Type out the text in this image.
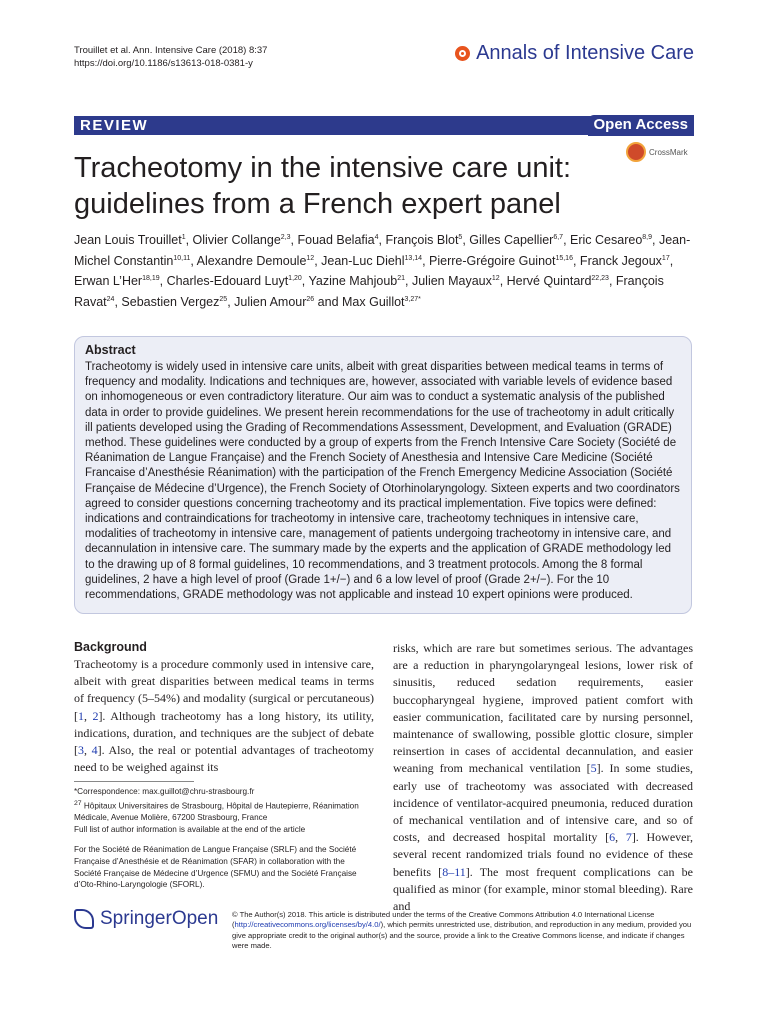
Trouillet et al. Ann. Intensive Care (2018) 8:37
https://doi.org/10.1186/s13613-018-0381-y	Annals of Intensive Care
REVIEW	Open Access
CrossMark
Tracheotomy in the intensive care unit: guidelines from a French expert panel
Jean Louis Trouillet$^1$, Olivier Collange$^{2,3}$, Fouad Belafia$^4$, François Blot$^5$, Gilles Capellier$^{6,7}$, Eric Cesareo$^{8,9}$, Jean-Michel Constantin$^{10,11}$, Alexandre Demoule$^{12}$, Jean-Luc Diehl$^{13,14}$, Pierre-Grégoire Guinot$^{15,16}$, Franck Jegoux$^{17}$, Erwan L’Her$^{18,19}$, Charles-Edouard Luyt$^{1,20}$, Yazine Mahjoub$^{21}$, Julien Mayaux$^{12}$, Hervé Quintard$^{22,23}$, François Ravat$^{24}$, Sebastien Vergez$^{25}$, Julien Amour$^{26}$ and Max Guillot$^{3,27*}$
Abstract

Tracheotomy is widely used in intensive care units, albeit with great disparities between medical teams in terms of frequency and modality. Indications and techniques are, however, associated with variable levels of evidence based on inhomogeneous or even contradictory literature. Our aim was to conduct a systematic analysis of the published data in order to provide guidelines. We present herein recommendations for the use of tracheotomy in adult critically ill patients developed using the Grading of Recommendations Assessment, Development, and Evaluation (GRADE) method. These guidelines were conducted by a group of experts from the French Intensive Care Society (Société de Réanimation de Langue Française) and the French Society of Anesthesia and Intensive Care Medicine (Société Francaise d’Anesthésie Réanimation) with the participation of the French Emergency Medicine Association (Société Française de Médecine d’Urgence), the French Society of Otorhinolaryngology. Sixteen experts and two coordinators agreed to consider questions concerning tracheotomy and its practical implementation. Five topics were defined: indications and contraindications for tracheotomy in intensive care, tracheotomy techniques in intensive care, modalities of tracheotomy in intensive care, management of patients undergoing tracheotomy in intensive care, and decannulation in intensive care. The summary made by the experts and the application of GRADE methodology led to the drawing up of 8 formal guidelines, 10 recommendations, and 3 treatment protocols. Among the 8 formal guidelines, 2 have a high level of proof (Grade 1+/−) and 6 a low level of proof (Grade 2+/−). For the 10 recommendations, GRADE methodology was not applicable and instead 10 expert opinions were produced.

Background
Tracheotomy is a procedure commonly used in intensive care, albeit with great disparities between medical teams in terms of frequency (5–54%) and modality (surgical or percutaneous) [1, 2]. Although tracheotomy has a long history, its utility, indications, duration, and techniques are the subject of debate [3, 4]. Also, the real or potential advantages of tracheotomy need to be weighed against its
risks, which are rare but sometimes serious. The advantages are a reduction in pharyngolaryngeal lesions, lower risk of sinusitis, reduced sedation requirements, easier buccopharyngeal hygiene, improved patient comfort with easier communication, facilitated care by nursing personnel, maintenance of swallowing, possible glottic closure, simpler reinsertion in cases of accidental decannulation, and easier weaning from mechanical ventilation [5]. In some studies, early use of tracheotomy was associated with decreased incidence of ventilator-acquired pneumonia, reduced duration of mechanical ventilation and of intensive care, and so of costs, and decreased hospital mortality [6, 7]. However, several recent randomized trials found no evidence of these benefits [8–11]. The most frequent complications can be qualified as minor (for example, minor stomal bleeding). Rare and
*Correspondence: max.guillot@chru-strasbourg.fr
$^{27}$ Hôpitaux Universitaires de Strasbourg, Hôpital de Hautepierre, Réanimation Médicale, Avenue Molière, 67200 Strasbourg, France
Full list of author information is available at the end of the article
For the Société de Réanimation de Langue Française (SRLF) and the Société Française d’Anesthésie et de Réanimation (SFAR) in collaboration with the Société Française de Médecine d’Urgence (SFMU) and the Société Française d’Oto-Rhino-Laryngologie (SFORL).
SpringerOpen © The Author(s) 2018. This article is distributed under the terms of the Creative Commons Attribution 4.0 International License (http://creativecommons.org/licenses/by/4.0/), which permits unrestricted use, distribution, and reproduction in any medium, provided you give appropriate credit to the original author(s) and the source, provide a link to the Creative Commons license, and indicate if changes were made.
